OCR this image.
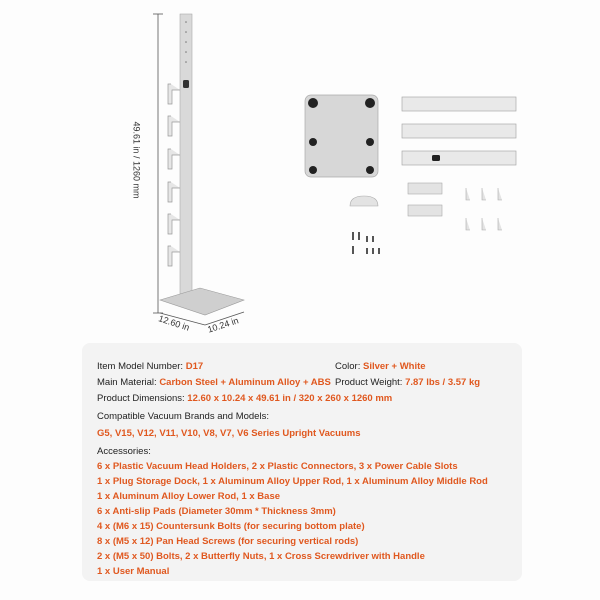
49.61 in / 1260 mm
12.60 in 10.24 in
Item Model Number: D17	Color: Silver + White
Main Material: Carbon Steel + Aluminum Alloy + ABS Product Weight: 7.87 lbs / 3.57 kg
Product Dimensions: 12.60 x 10.24 x 49.61 in / 320 x 260 x 1260 mm
Compatible Vacuum Brands and Models:
G5, V15, V12, V11, V10, V8, V7, V6 Series Upright Vacuums
Accessories:
6 x Plastic Vacuum Head Holders, 2 x Plastic Connectors, 3 x Power Cable Slots
1 x Plug Storage Dock, 1 x Aluminum Alloy Upper Rod, 1 x Aluminum Alloy Middle Rod
1 x Aluminum Alloy Lower Rod, 1 x Base
6 x Anti-slip Pads (Diameter 30mm * Thickness 3mm)
4 x (M6 x 15) Countersunk Bolts (for securing bottom plate)
8 x (M5 x 12) Pan Head Screws (for securing vertical rods)
2 x (M5 x 50) Bolts, 2 x Butterfly Nuts, 1 x Cross Screwdriver with Handle
1 x User Manual
